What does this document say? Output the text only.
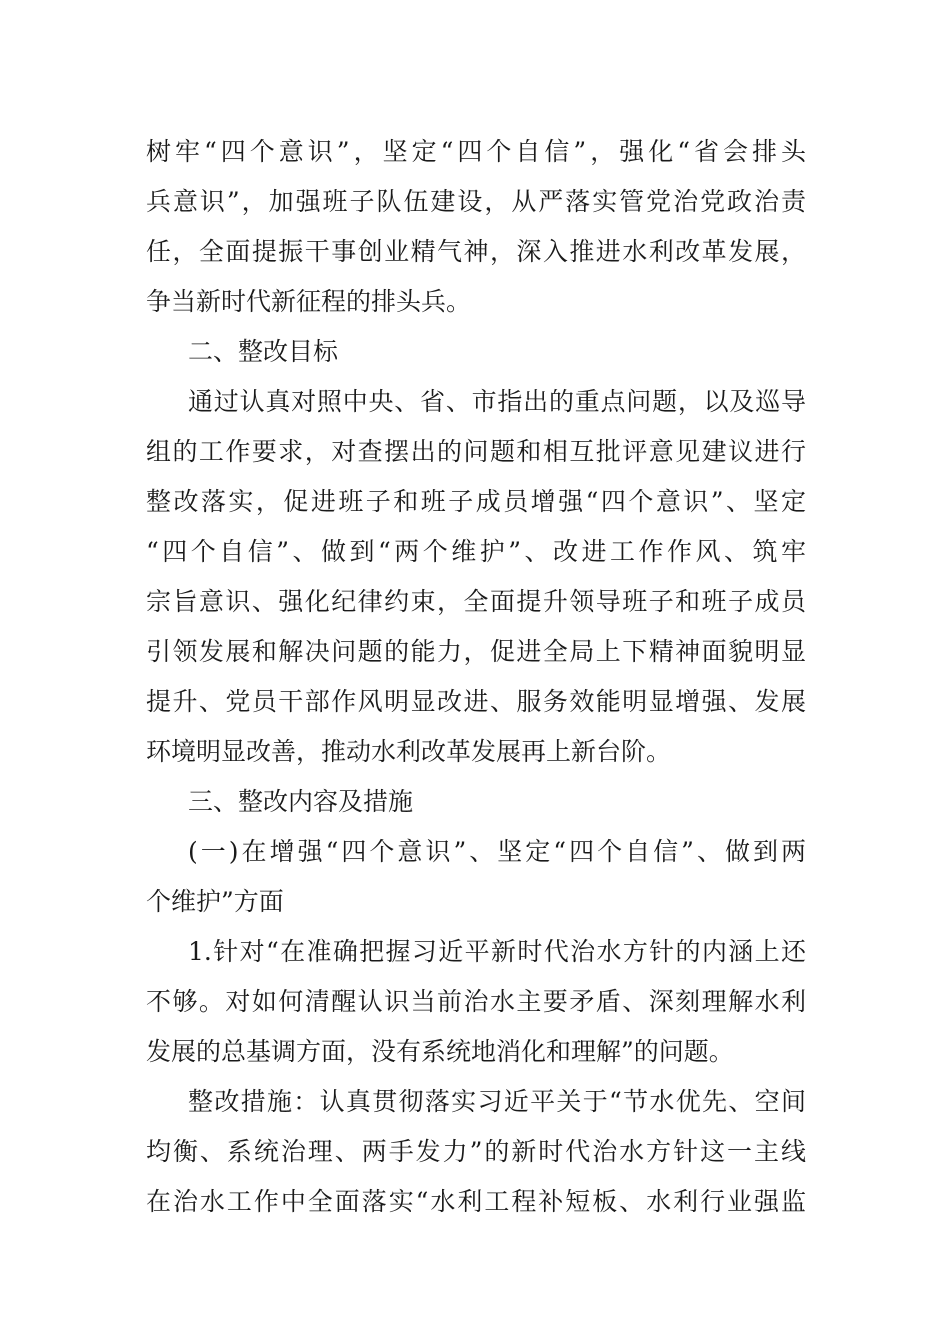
树牢“四个意识”，坚定“四个自信”，强化“省会排头
兵意识”，加强班子队伍建设，从严落实管党治党政治责
任，全面提振干事创业精气神，深入推进水利改革发展，
争当新时代新征程的排头兵。
二、整改目标
通过认真对照中央、省、市指出的重点问题，以及巡导
组的工作要求，对查摆出的问题和相互批评意见建议进行
整改落实，促进班子和班子成员增强“四个意识”、坚定
“四个自信”、做到“两个维护”、改进工作作风、筑牢
宗旨意识、强化纪律约束，全面提升领导班子和班子成员
引领发展和解决问题的能力，促进全局上下精神面貌明显
提升、党员干部作风明显改进、服务效能明显增强、发展
环境明显改善，推动水利改革发展再上新台阶。
三、整改内容及措施
(一)在增强“四个意识”、坚定“四个自信”、做到两
个维护”方面
1.针对“在准确把握习近平新时代治水方针的内涵上还
不够。对如何清醒认识当前治水主要矛盾、深刻理解水利
发展的总基调方面，没有系统地消化和理解”的问题。
整改措施：认真贯彻落实习近平关于“节水优先、空间
均衡、系统治理、两手发力”的新时代治水方针这一主线
在治水工作中全面落实“水利工程补短板、水利行业强监
